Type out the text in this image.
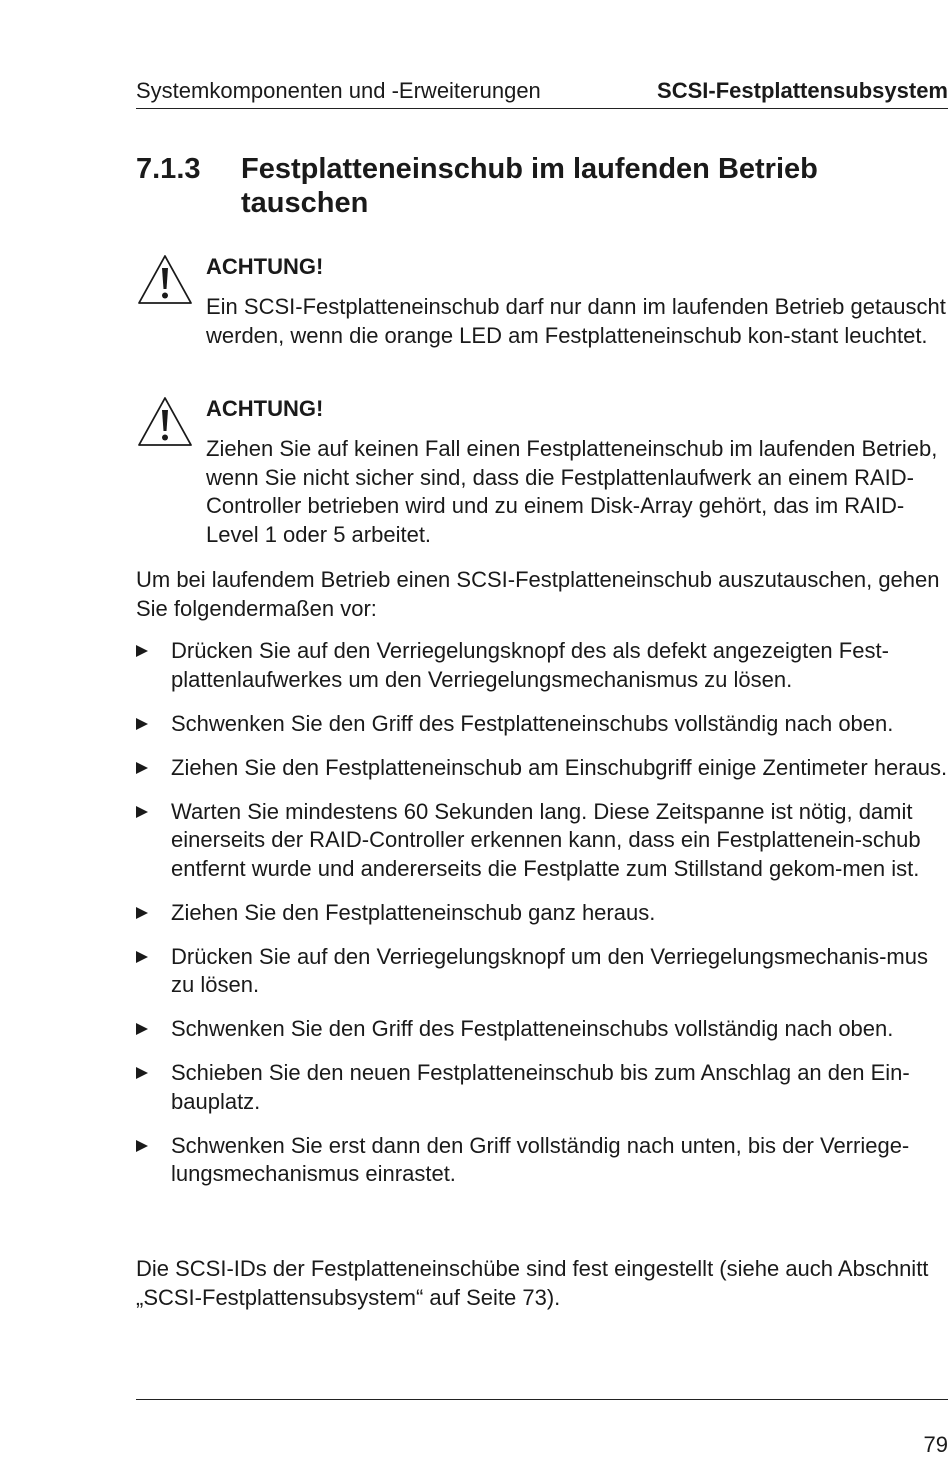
Systemkomponenten und -Erweiterungen	SCSI-Festplattensubsystem
7.1.3 Festplatteneinschub im laufenden Betrieb tauschen
ACHTUNG!
Ein SCSI-Festplatteneinschub darf nur dann im laufenden Betrieb getauscht werden, wenn die orange LED am Festplatteneinschub kon-stant leuchtet.
ACHTUNG!
Ziehen Sie auf keinen Fall einen Festplatteneinschub im laufenden Betrieb, wenn Sie nicht sicher sind, dass die Festplattenlaufwerk an einem RAID-Controller betrieben wird und zu einem Disk-Array gehört, das im RAID-Level 1 oder 5 arbeitet.
Um bei laufendem Betrieb einen SCSI-Festplatteneinschub auszutauschen, gehen Sie folgendermaßen vor:
Drücken Sie auf den Verriegelungsknopf des als defekt angezeigten Fest-plattenlaufwerkes um den Verriegelungsmechanismus zu lösen.
Schwenken Sie den Griff des Festplatteneinschubs vollständig nach oben.
Ziehen Sie den Festplatteneinschub am Einschubgriff einige Zentimeter heraus.
Warten Sie mindestens 60 Sekunden lang. Diese Zeitspanne ist nötig, damit einerseits der RAID-Controller erkennen kann, dass ein Festplattenein-schub entfernt wurde und andererseits die Festplatte zum Stillstand gekom-men ist.
Ziehen Sie den Festplatteneinschub ganz heraus.
Drücken Sie auf den Verriegelungsknopf um den Verriegelungsmechanis-mus zu lösen.
Schwenken Sie den Griff des Festplatteneinschubs vollständig nach oben.
Schieben Sie den neuen Festplatteneinschub bis zum Anschlag an den Ein-bauplatz.
Schwenken Sie erst dann den Griff vollständig nach unten, bis der Verriege-lungsmechanismus einrastet.
Die SCSI-IDs der Festplatteneinschübe sind fest eingestellt (siehe auch Abschnitt „SCSI-Festplattensubsystem“ auf Seite 73).
79
